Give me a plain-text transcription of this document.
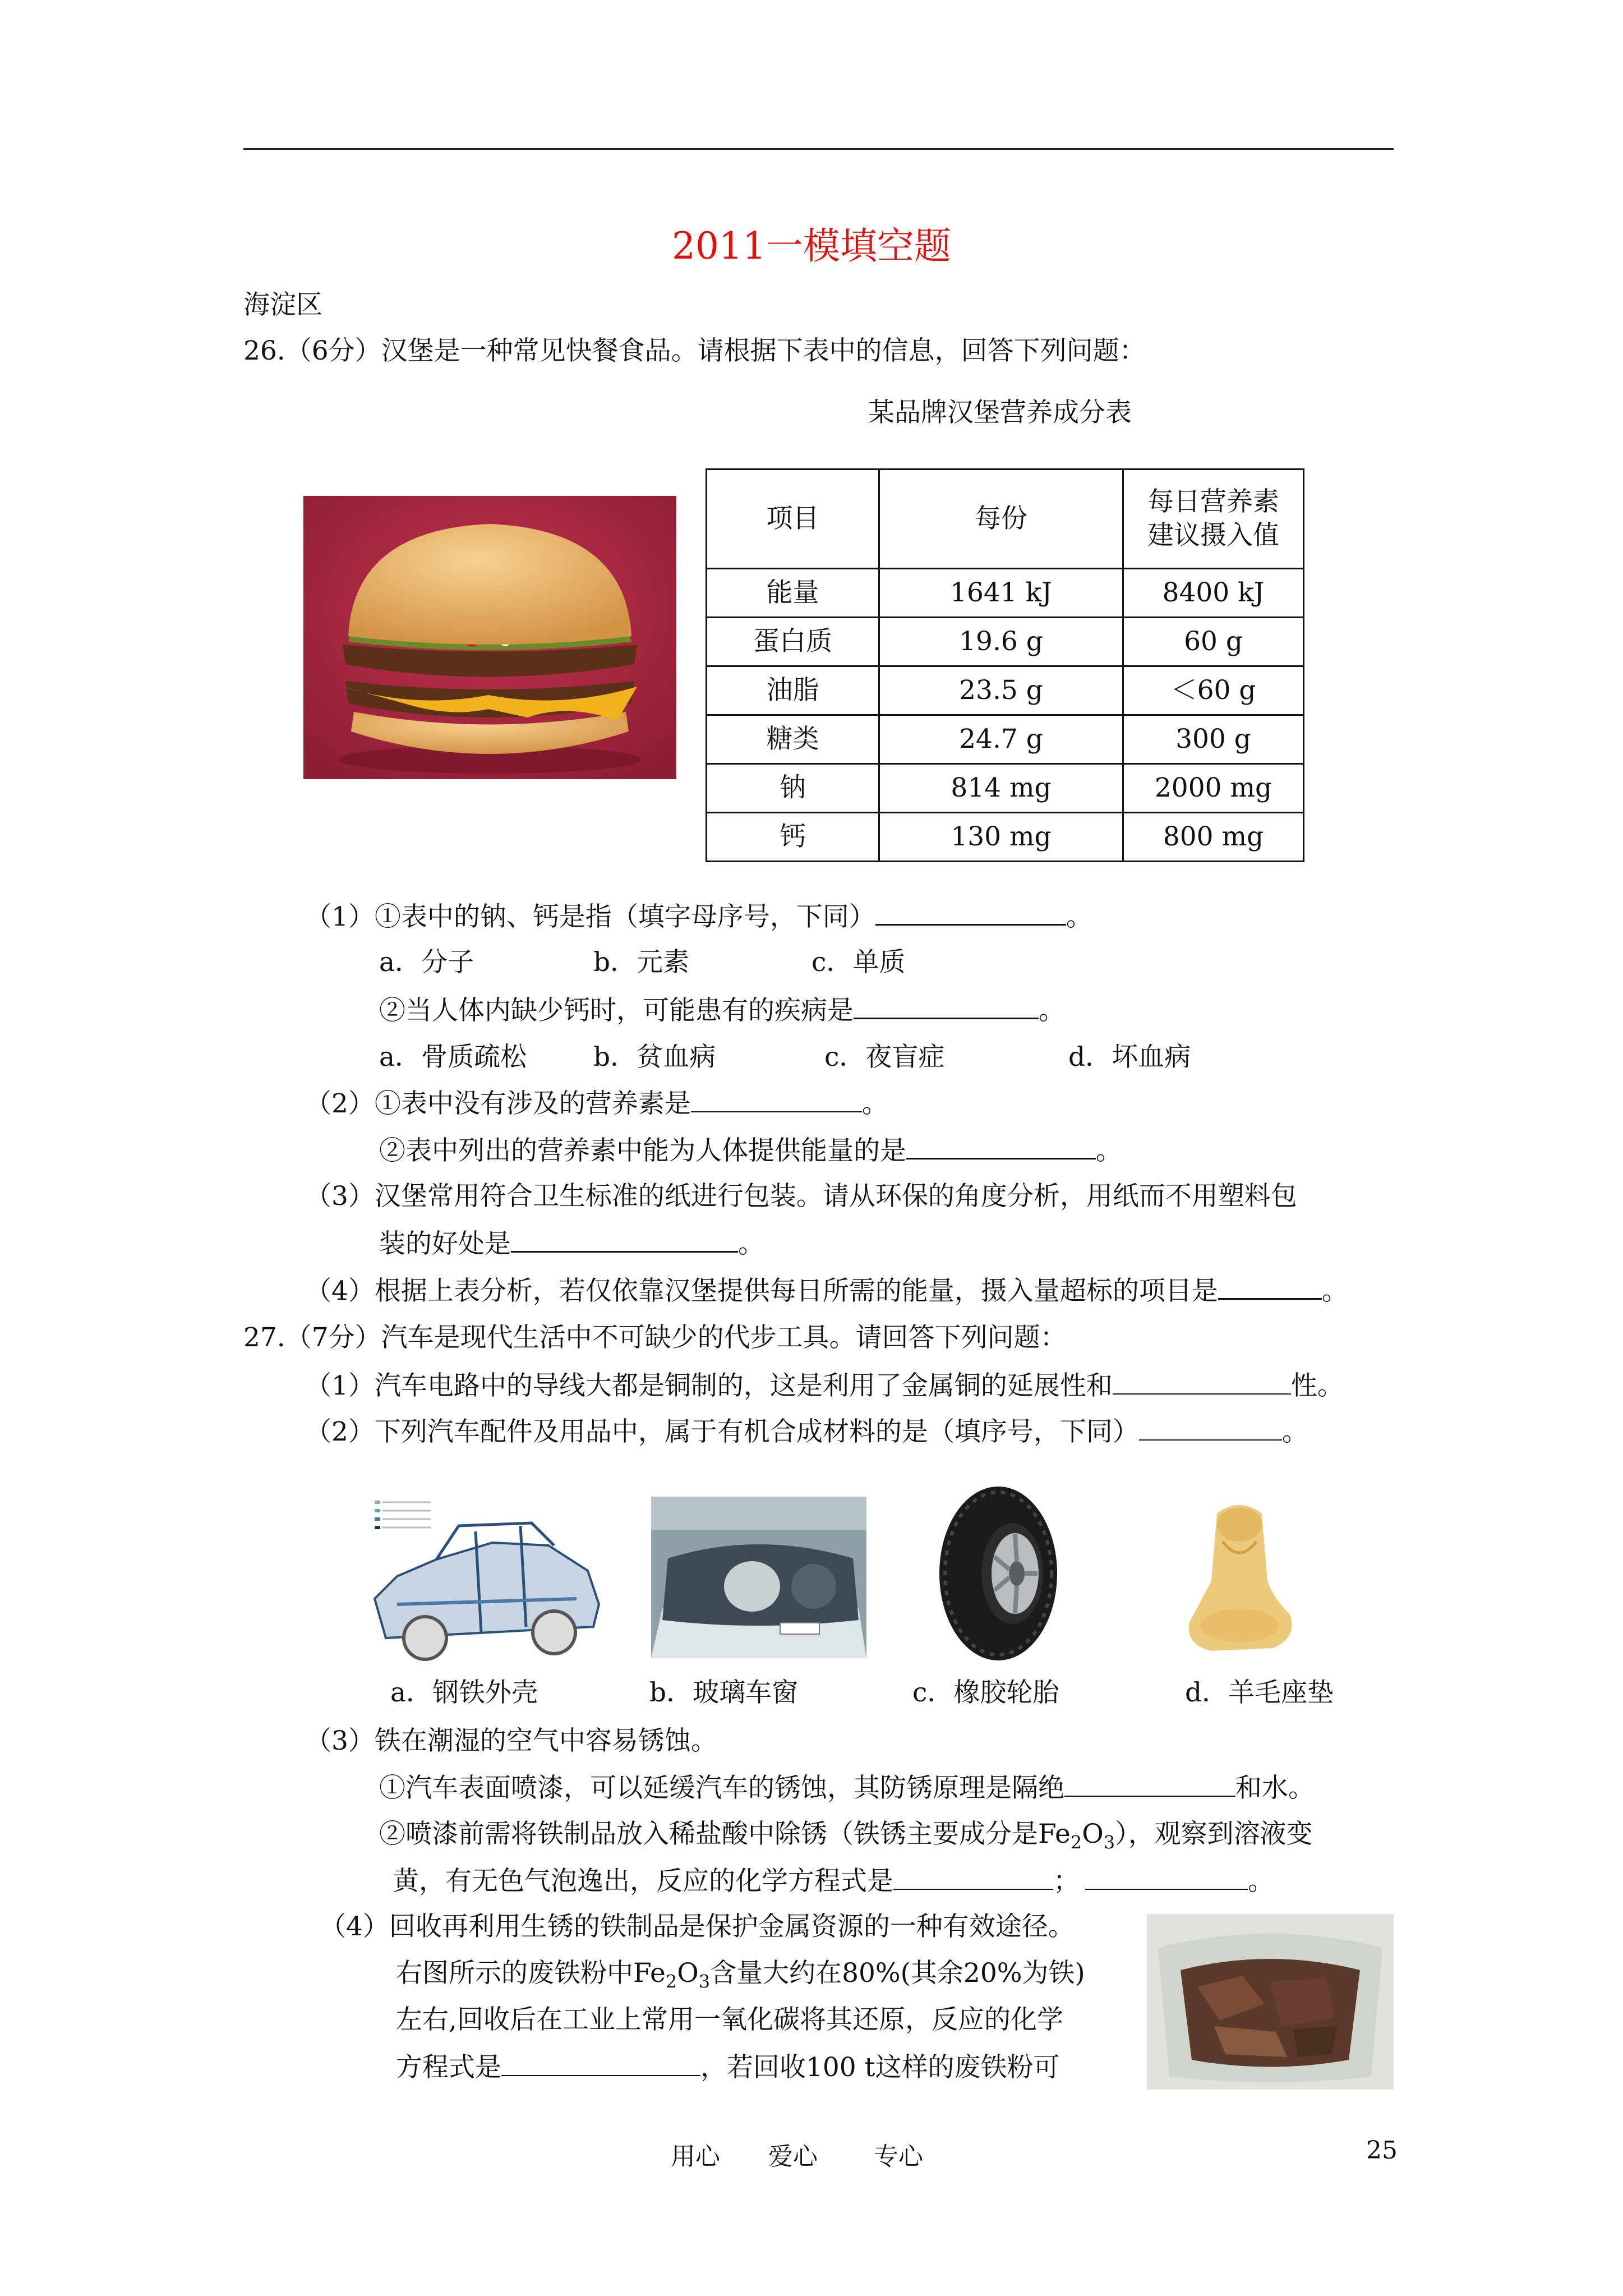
2011一模填空题
海淀区
26.（6分）汉堡是一种常见快餐食品。请根据下表中的信息，回答下列问题：
某品牌汉堡营养成分表
项目	每份	每日营养素
建议摄入值
能量	1641 kJ	8400 kJ
蛋白质	19.6 g	60 g
油脂	23.5 g	＜60 g
糖类	24.7 g	300 g
钠	814 mg	2000 mg
钙	130 mg	800 mg
（1）①表中的钠、钙是指（填字母序号，下同）	。
a．分子	b．元素	c．单质
②当人体内缺少钙时，可能患有的疾病是	。
a．骨质疏松	b．贫血病	c．夜盲症	d．坏血病
（2）①表中没有涉及的营养素是	。
②表中列出的营养素中能为人体提供能量的是	。
（3）汉堡常用符合卫生标准的纸进行包装。请从环保的角度分析，用纸而不用塑料包
装的好处是	。
（4）根据上表分析，若仅依靠汉堡提供每日所需的能量，摄入量超标的项目是	。
27.（7分）汽车是现代生活中不可缺少的代步工具。请回答下列问题：
（1）汽车电路中的导线大都是铜制的，这是利用了金属铜的延展性和	性。
（2）下列汽车配件及用品中，属于有机合成材料的是（填序号，下同）	。
a．钢铁外壳	b．玻璃车窗	c．橡胶轮胎	d．羊毛座垫
（3）铁在潮湿的空气中容易锈蚀。
①汽车表面喷漆，可以延缓汽车的锈蚀，其防锈原理是隔绝	和水。
②喷漆前需将铁制品放入稀盐酸中除锈（铁锈主要成分是$Fe_2O_3$），观察到溶液变
黄，有无色气泡逸出，反应的化学方程式是	；	。
（4）回收再利用生锈的铁制品是保护金属资源的一种有效途径。
右图所示的废铁粉中$Fe_2O_3$含量大约在80%(其余20%为铁)
左右,回收后在工业上常用一氧化碳将其还原，反应的化学
方程式是	，若回收100 t这样的废铁粉可
用心 爱心 专心	25
